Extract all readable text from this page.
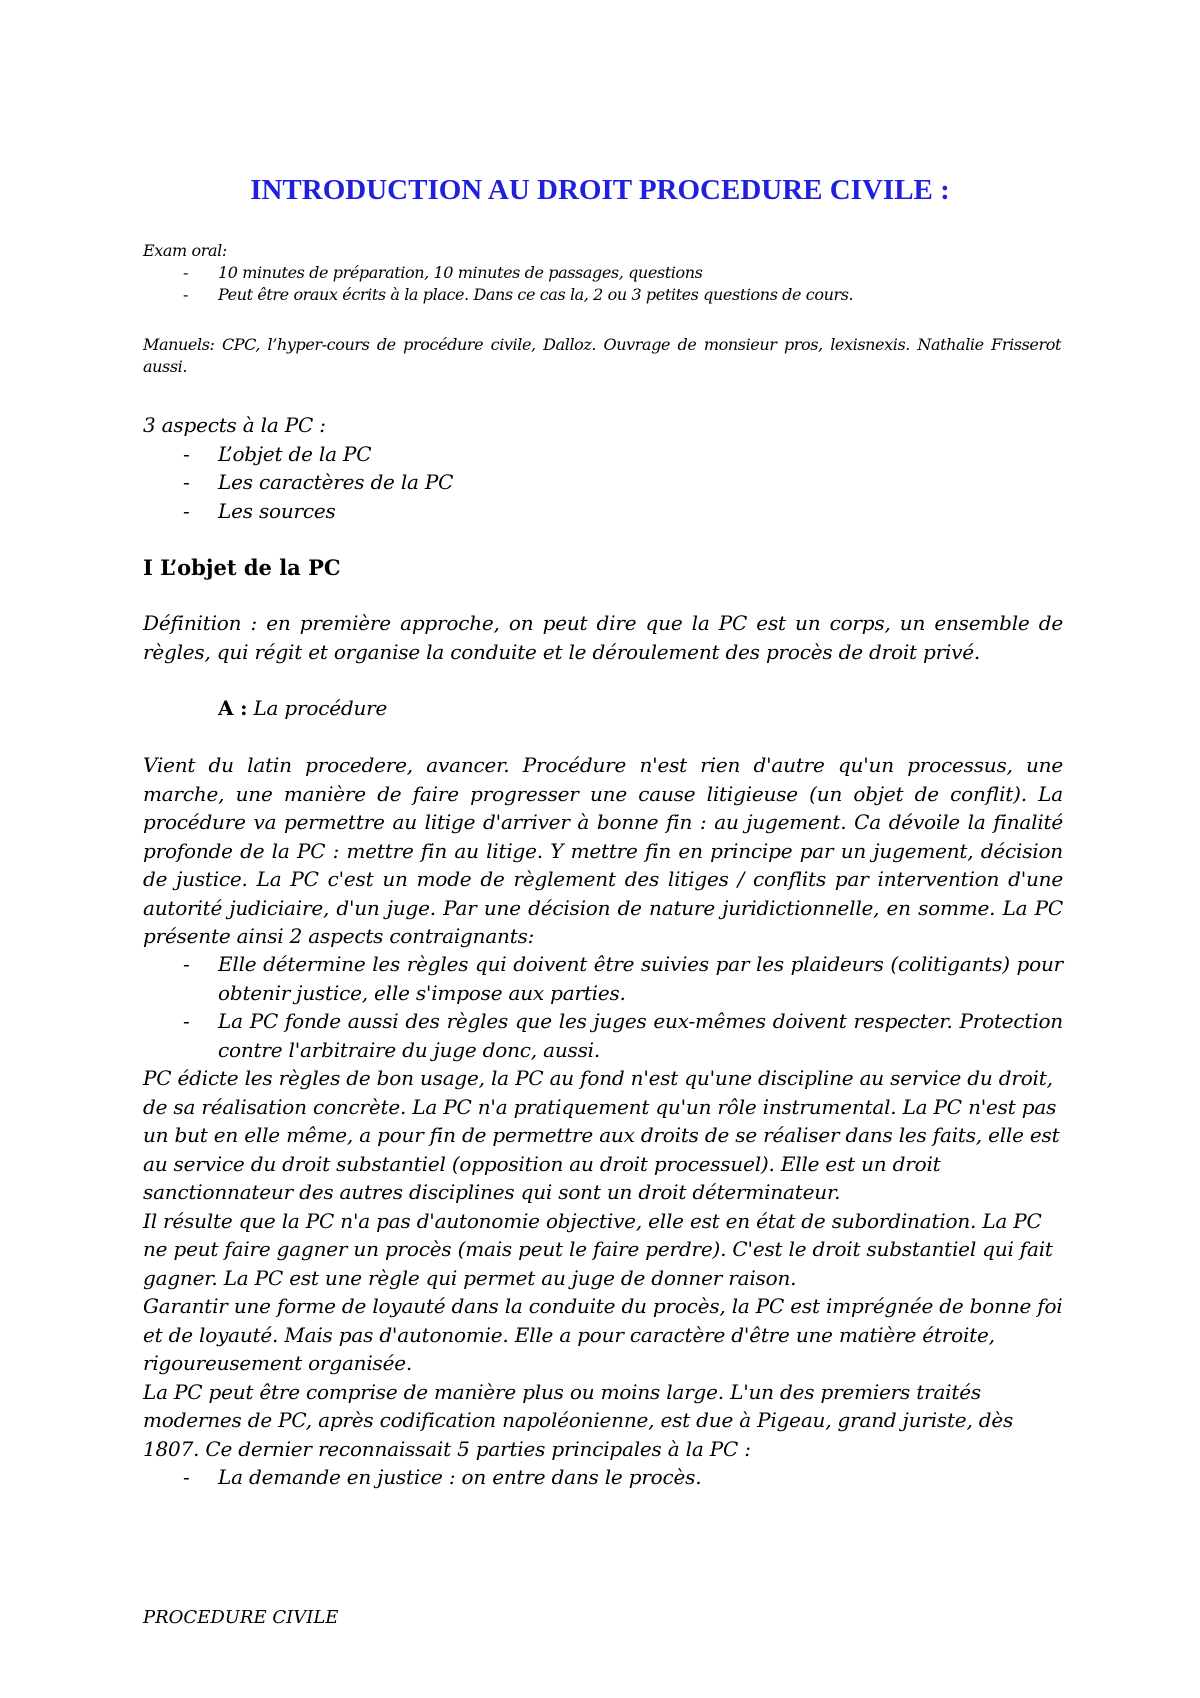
INTRODUCTION AU DROIT PROCEDURE CIVILE :
Exam oral:
- 10 minutes de préparation, 10 minutes de passages, questions
- Peut être oraux écrits à la place. Dans ce cas la, 2 ou 3 petites questions de cours.
Manuels: CPC, l’hyper-cours de procédure civile, Dalloz. Ouvrage de monsieur pros, lexisnexis. Nathalie Frisserot aussi.
3 aspects à la PC :
- L’objet de la PC
- Les caractères de la PC
- Les sources
I L’objet de la PC
Définition : en première approche, on peut dire que la PC est un corps, un ensemble de règles, qui régit et organise la conduite et le déroulement des procès de droit privé.
A : La procédure
Vient du latin procedere, avancer. Procédure n'est rien d'autre qu'un processus, une marche, une manière de faire progresser une cause litigieuse (un objet de conflit). La procédure va permettre au litige d'arriver à bonne fin : au jugement. Ca dévoile la finalité profonde de la PC : mettre fin au litige. Y mettre fin en principe par un jugement, décision de justice. La PC c'est un mode de règlement des litiges / conflits par intervention d'une autorité judiciaire, d'un juge. Par une décision de nature juridictionnelle, en somme. La PC présente ainsi 2 aspects contraignants:
- Elle détermine les règles qui doivent être suivies par les plaideurs (colitigants) pour obtenir justice, elle s'impose aux parties.
- La PC fonde aussi des règles que les juges eux-mêmes doivent respecter. Protection contre l'arbitraire du juge donc, aussi.
PC édicte les règles de bon usage, la PC au fond n'est qu'une discipline au service du droit,
de sa réalisation concrète. La PC n'a pratiquement qu'un rôle instrumental. La PC n'est pas
un but en elle même, a pour fin de permettre aux droits de se réaliser dans les faits, elle est
au service du droit substantiel (opposition au droit processuel). Elle est un droit
sanctionnateur des autres disciplines qui sont un droit déterminateur.
Il résulte que la PC n'a pas d'autonomie objective, elle est en état de subordination. La PC
ne peut faire gagner un procès (mais peut le faire perdre). C'est le droit substantiel qui fait
gagner. La PC est une règle qui permet au juge de donner raison.
Garantir une forme de loyauté dans la conduite du procès, la PC est imprégnée de bonne foi
et de loyauté. Mais pas d'autonomie. Elle a pour caractère d'être une matière étroite,
rigoureusement organisée.
La PC peut être comprise de manière plus ou moins large. L'un des premiers traités
modernes de PC, après codification napoléonienne, est due à Pigeau, grand juriste, dès
1807. Ce dernier reconnaissait 5 parties principales à la PC :
- La demande en justice : on entre dans le procès.
PROCEDURE CIVILE
